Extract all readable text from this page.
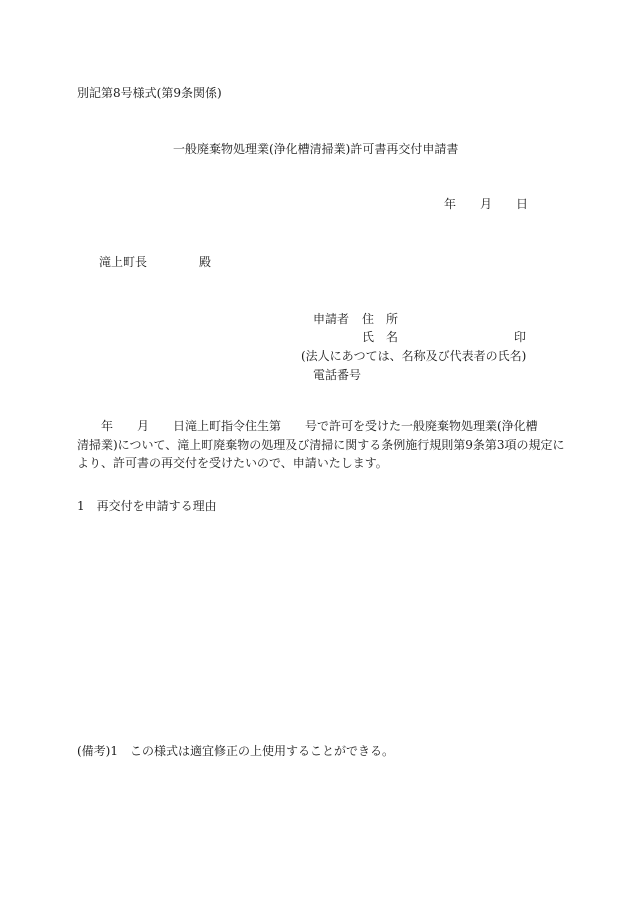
別記第8号様式(第9条関係)
一般廃棄物処理業(浄化槽清掃業)許可書再交付申請書
年 月 日
滝上町長	殿
申請者 住　所
氏　名	印
(法人にあつては、名称及び代表者の氏名)
電話番号
　　年　　月　　日滝上町指令住生第　　号で許可を受けた一般廃棄物処理業(浄化槽
清掃業)について、滝上町廃棄物の処理及び清掃に関する条例施行規則第9条第3項の規定に
より、許可書の再交付を受けたいので、申請いたします。
1　再交付を申請する理由
(備考)1　この様式は適宜修正の上使用することができる。
